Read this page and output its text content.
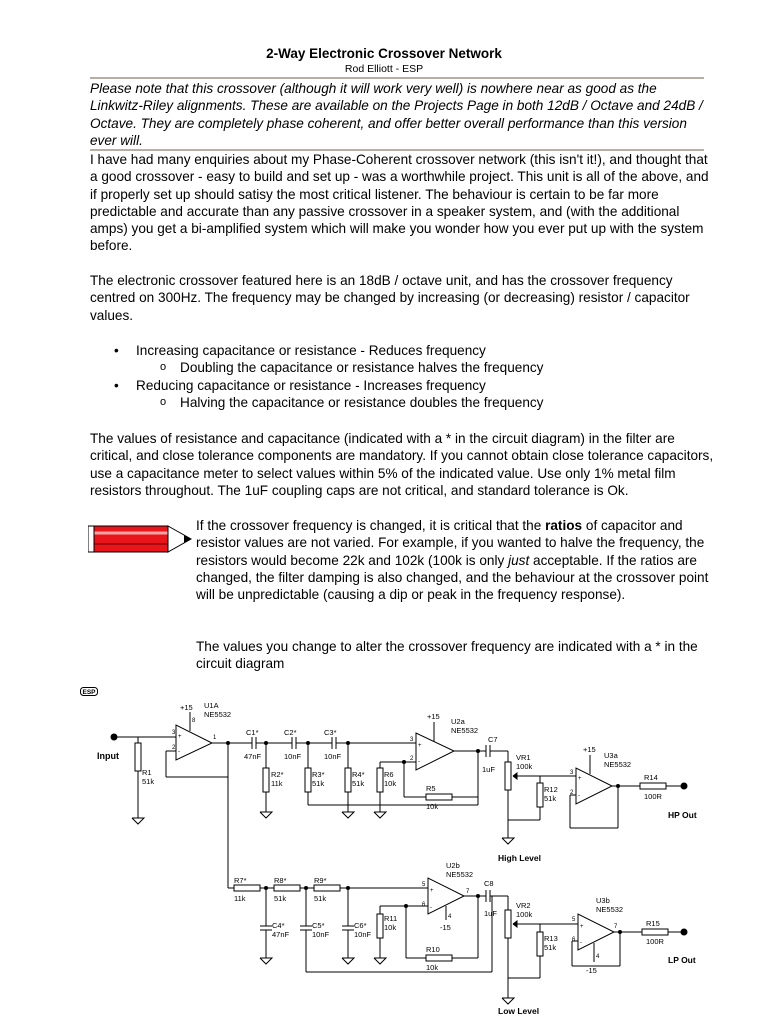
2-Way Electronic Crossover Network
Rod Elliott - ESP
Please note that this crossover (although it will work very well) is nowhere near as good as the Linkwitz-Riley alignments. These are available on the Projects Page in both 12dB / Octave and 24dB / Octave. They are completely phase coherent, and offer better overall performance than this version ever will.
I have had many enquiries about my Phase-Coherent crossover network (this isn't it!), and thought that a good crossover - easy to build and set up - was a worthwhile project. This unit is all of the above, and if properly set up should satisy the most critical listener. The behaviour is certain to be far more predictable and accurate than any passive crossover in a speaker system, and (with the additional amps) you get a bi-amplified system which will make you wonder how you ever put up with the system before.
The electronic crossover featured here is an 18dB / octave unit, and has the crossover frequency centred on 300Hz. The frequency may be changed by increasing (or decreasing) resistor / capacitor values.
• Increasing capacitance or resistance - Reduces frequency
o Doubling the capacitance or resistance halves the frequency
• Reducing capacitance or resistance - Increases frequency
o Halving the capacitance or resistance doubles the frequency
The values of resistance and capacitance (indicated with a * in the circuit diagram) in the filter are critical, and close tolerance components are mandatory. If you cannot obtain close tolerance capacitors, use a capacitance meter to select values within 5% of the indicated value. Use only 1% metal film resistors throughout. The 1uF coupling caps are not critical, and standard tolerance is Ok.
If the crossover frequency is changed, it is critical that the ratios of capacitor and resistor values are not varied. For example, if you wanted to halve the frequency, the resistors would become 22k and 102k (100k is only just acceptable. If the ratios are changed, the filter damping is also changed, and the behaviour at the crossover point will be unpredictable (causing a dip or peak in the frequency response).
The values you change to alter the crossover frequency are indicated with a * in the circuit diagram
ESP
Input
R1
51k
+
-
3
2
1
8
+15 U1A
NE5532
C1*
47nF
R2*
11k
C2*
10nF
R3*
51k
C3*
10nF
R4*
51k
+
-
3
2
+15
U2a
NE5532
R6
10k
R5
10k
C7
1uF
VR1
100k
R12
51k
High Level
+
-
3
2
+15
U3a
NE5532
R14
100R
HP Out
R7*
11k
R8*
51k
R9*
51k
C4*
47nF
C5*
10nF
C6*
10nF
+
-
5
6
7
4
-15
U2b
NE5532
R11
10k
R10
10k
C8
1uF
VR2
100k
R13
51k
Low Level
+
-
5
6
7
4
-15
U3b
NE5532
R15
100R
LP Out
